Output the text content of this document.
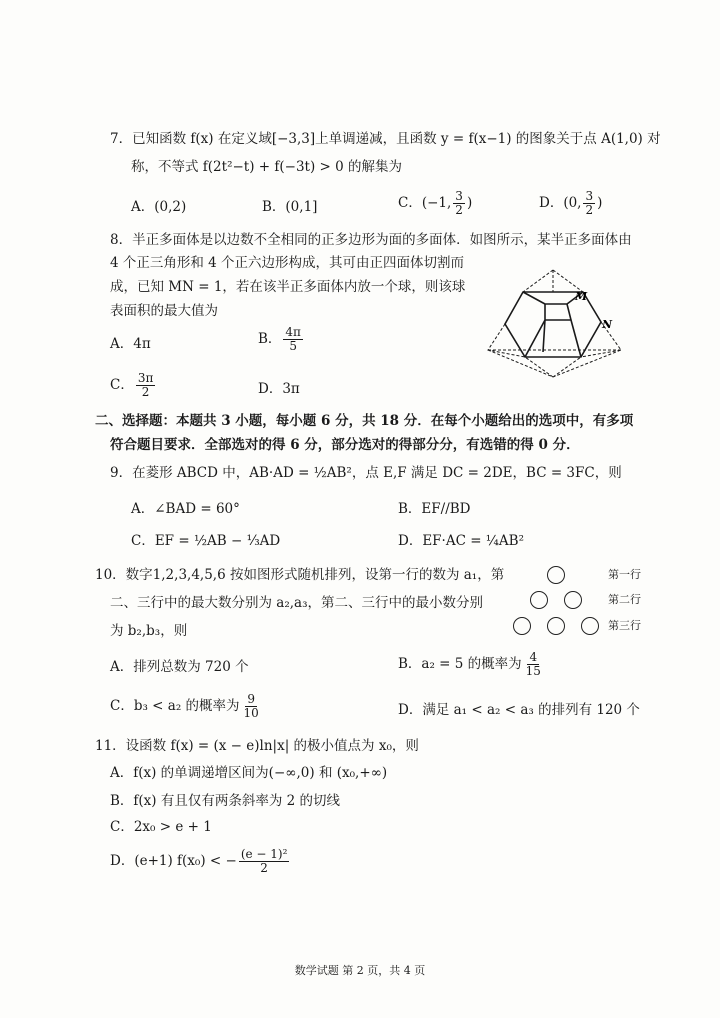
7．已知函数 f(x) 在定义域[−3,3]上单调递减，且函数 y = f(x−1) 的图象关于点 A(1,0) 对
称，不等式 f(2t²−t) + f(−3t) > 0 的解集为
A．(0,2)	B．(0,1]	C．(−1, $\frac{3}{2}$ )	D．(0, $\frac{3}{2}$ )
8．半正多面体是以边数不全相同的正多边形为面的多面体．如图所示，某半正多面体由
4 个正三角形和 4 个正六边形构成，其可由正四面体切割而
成，已知 MN = 1，若在该半正多面体内放一个球，则该球
表面积的最大值为
A．4π	B． $\frac{4\pi}{5}$
C． $\frac{3\pi}{2}$	D．3π
M
N
二、选择题：本题共 3 小题，每小题 6 分，共 18 分．在每个小题给出的选项中，有多项
符合题目要求．全部选对的得 6 分，部分选对的得部分分，有选错的得 0 分．
9．在菱形 ABCD 中，AB·AD = ½AB²，点 E,F 满足 DC = 2DE，BC = 3FC，则
A．∠BAD = 60°	B．EF//BD
C．EF = ½AB − ⅓AD	D．EF·AC = ¼AB²
10．数字1,2,3,4,5,6 按如图形式随机排列，设第一行的数为 a₁，第
二、三行中的最大数分别为 a₂,a₃，第二、三行中的最小数分别
为 b₂,b₃，则
第一行
第二行
第三行
A．排列总数为 720 个	B．a₂ = 5 的概率为 $\frac{4}{15}$
C．b₃ < a₂ 的概率为 $\frac{9}{10}$	D．满足 a₁ < a₂ < a₃ 的排列有 120 个
11．设函数 f(x) = (x − e)ln|x| 的极小值点为 x₀，则
A．f(x) 的单调递增区间为(−∞,0) 和 (x₀,+∞)
B．f(x) 有且仅有两条斜率为 2 的切线
C．2x₀ > e + 1
D．(e+1) f(x₀) < − $\frac{\text{(e − 1)²}}{2}$
数学试题 第 2 页，共 4 页
